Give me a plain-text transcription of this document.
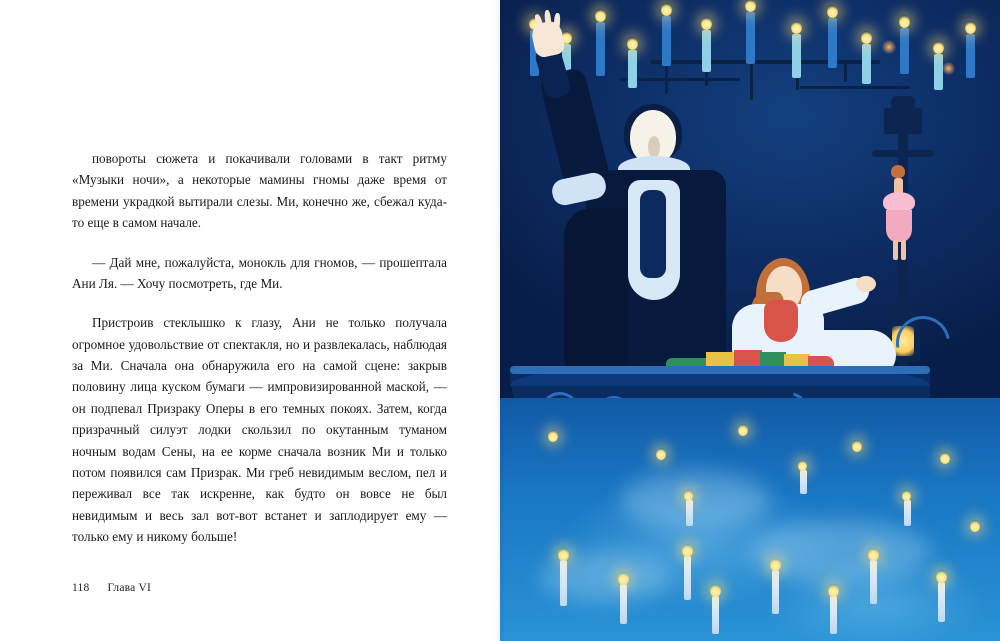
повороты сюжета и покачивали головами в такт ритму «Музыки ночи», а некоторые мамины гномы даже время от времени украдкой вытирали слезы. Ми, конечно же, сбежал куда-то еще в самом начале.

— Дай мне, пожалуйста, монокль для гномов, — прошептала Ани Ля. — Хочу посмотреть, где Ми.

Пристроив стеклышко к глазу, Ани не только получала огромное удовольствие от спектакля, но и развлекалась, наблюдая за Ми. Сначала она обнаружила его на самой сцене: закрыв половину лица куском бумаги — импровизированной маской, — он подпевал Призраку Оперы в его темных покоях. Затем, когда призрачный силуэт лодки скользил по окутанным туманом ночным водам Сены, на ее корме сначала возник Ми и только потом появился сам Призрак. Ми греб невидимым веслом, пел и переживал все так искренне, как будто он вовсе не был невидимым и весь зал вот-вот встанет и заплодирует ему — только ему и никому больше!

118 Глава VI
